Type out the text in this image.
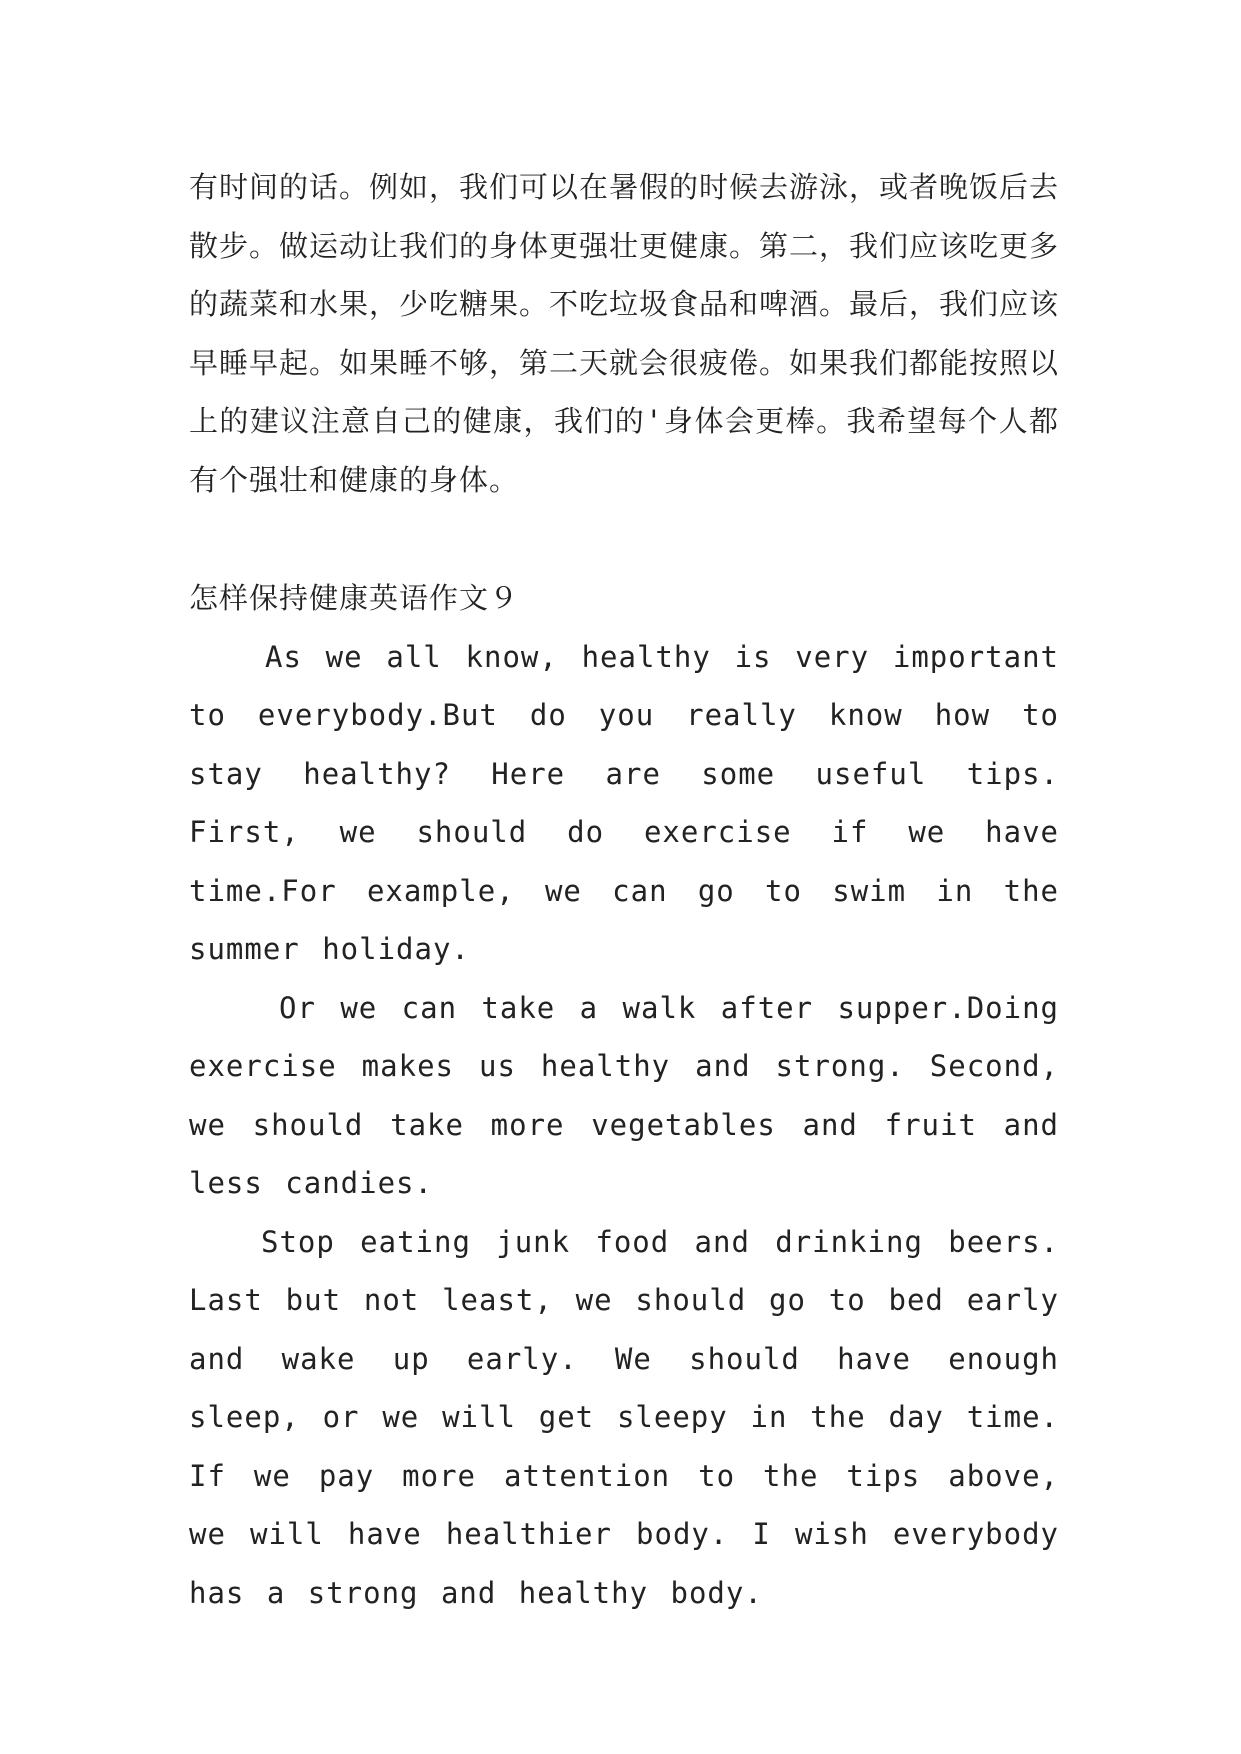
有时间的话。例如，我们可以在暑假的时候去游泳，或者晚饭后去散步。做运动让我们的身体更强壮更健康。第二，我们应该吃更多的蔬菜和水果，少吃糖果。不吃垃圾食品和啤酒。最后，我们应该早睡早起。如果睡不够，第二天就会很疲倦。如果我们都能按照以上的建议注意自己的健康，我们的'身体会更棒。我希望每个人都有个强壮和健康的身体。

怎样保持健康英语作文９

As we all know, healthy is very important to everybody.But do you really know how to stay healthy? Here are some useful tips. First, we should do exercise if we have time.For example, we can go to swim in the summer holiday.

Or we can take a walk after supper.Doing exercise makes us healthy and strong. Second, we should take more vegetables and fruit and less candies.

Stop eating junk food and drinking beers. Last but not least, we should go to bed early and wake up early. We should have enough sleep, or we will get sleepy in the day time. If we pay more attention to the tips above, we will have healthier body. I wish everybody has a strong and healthy body.
